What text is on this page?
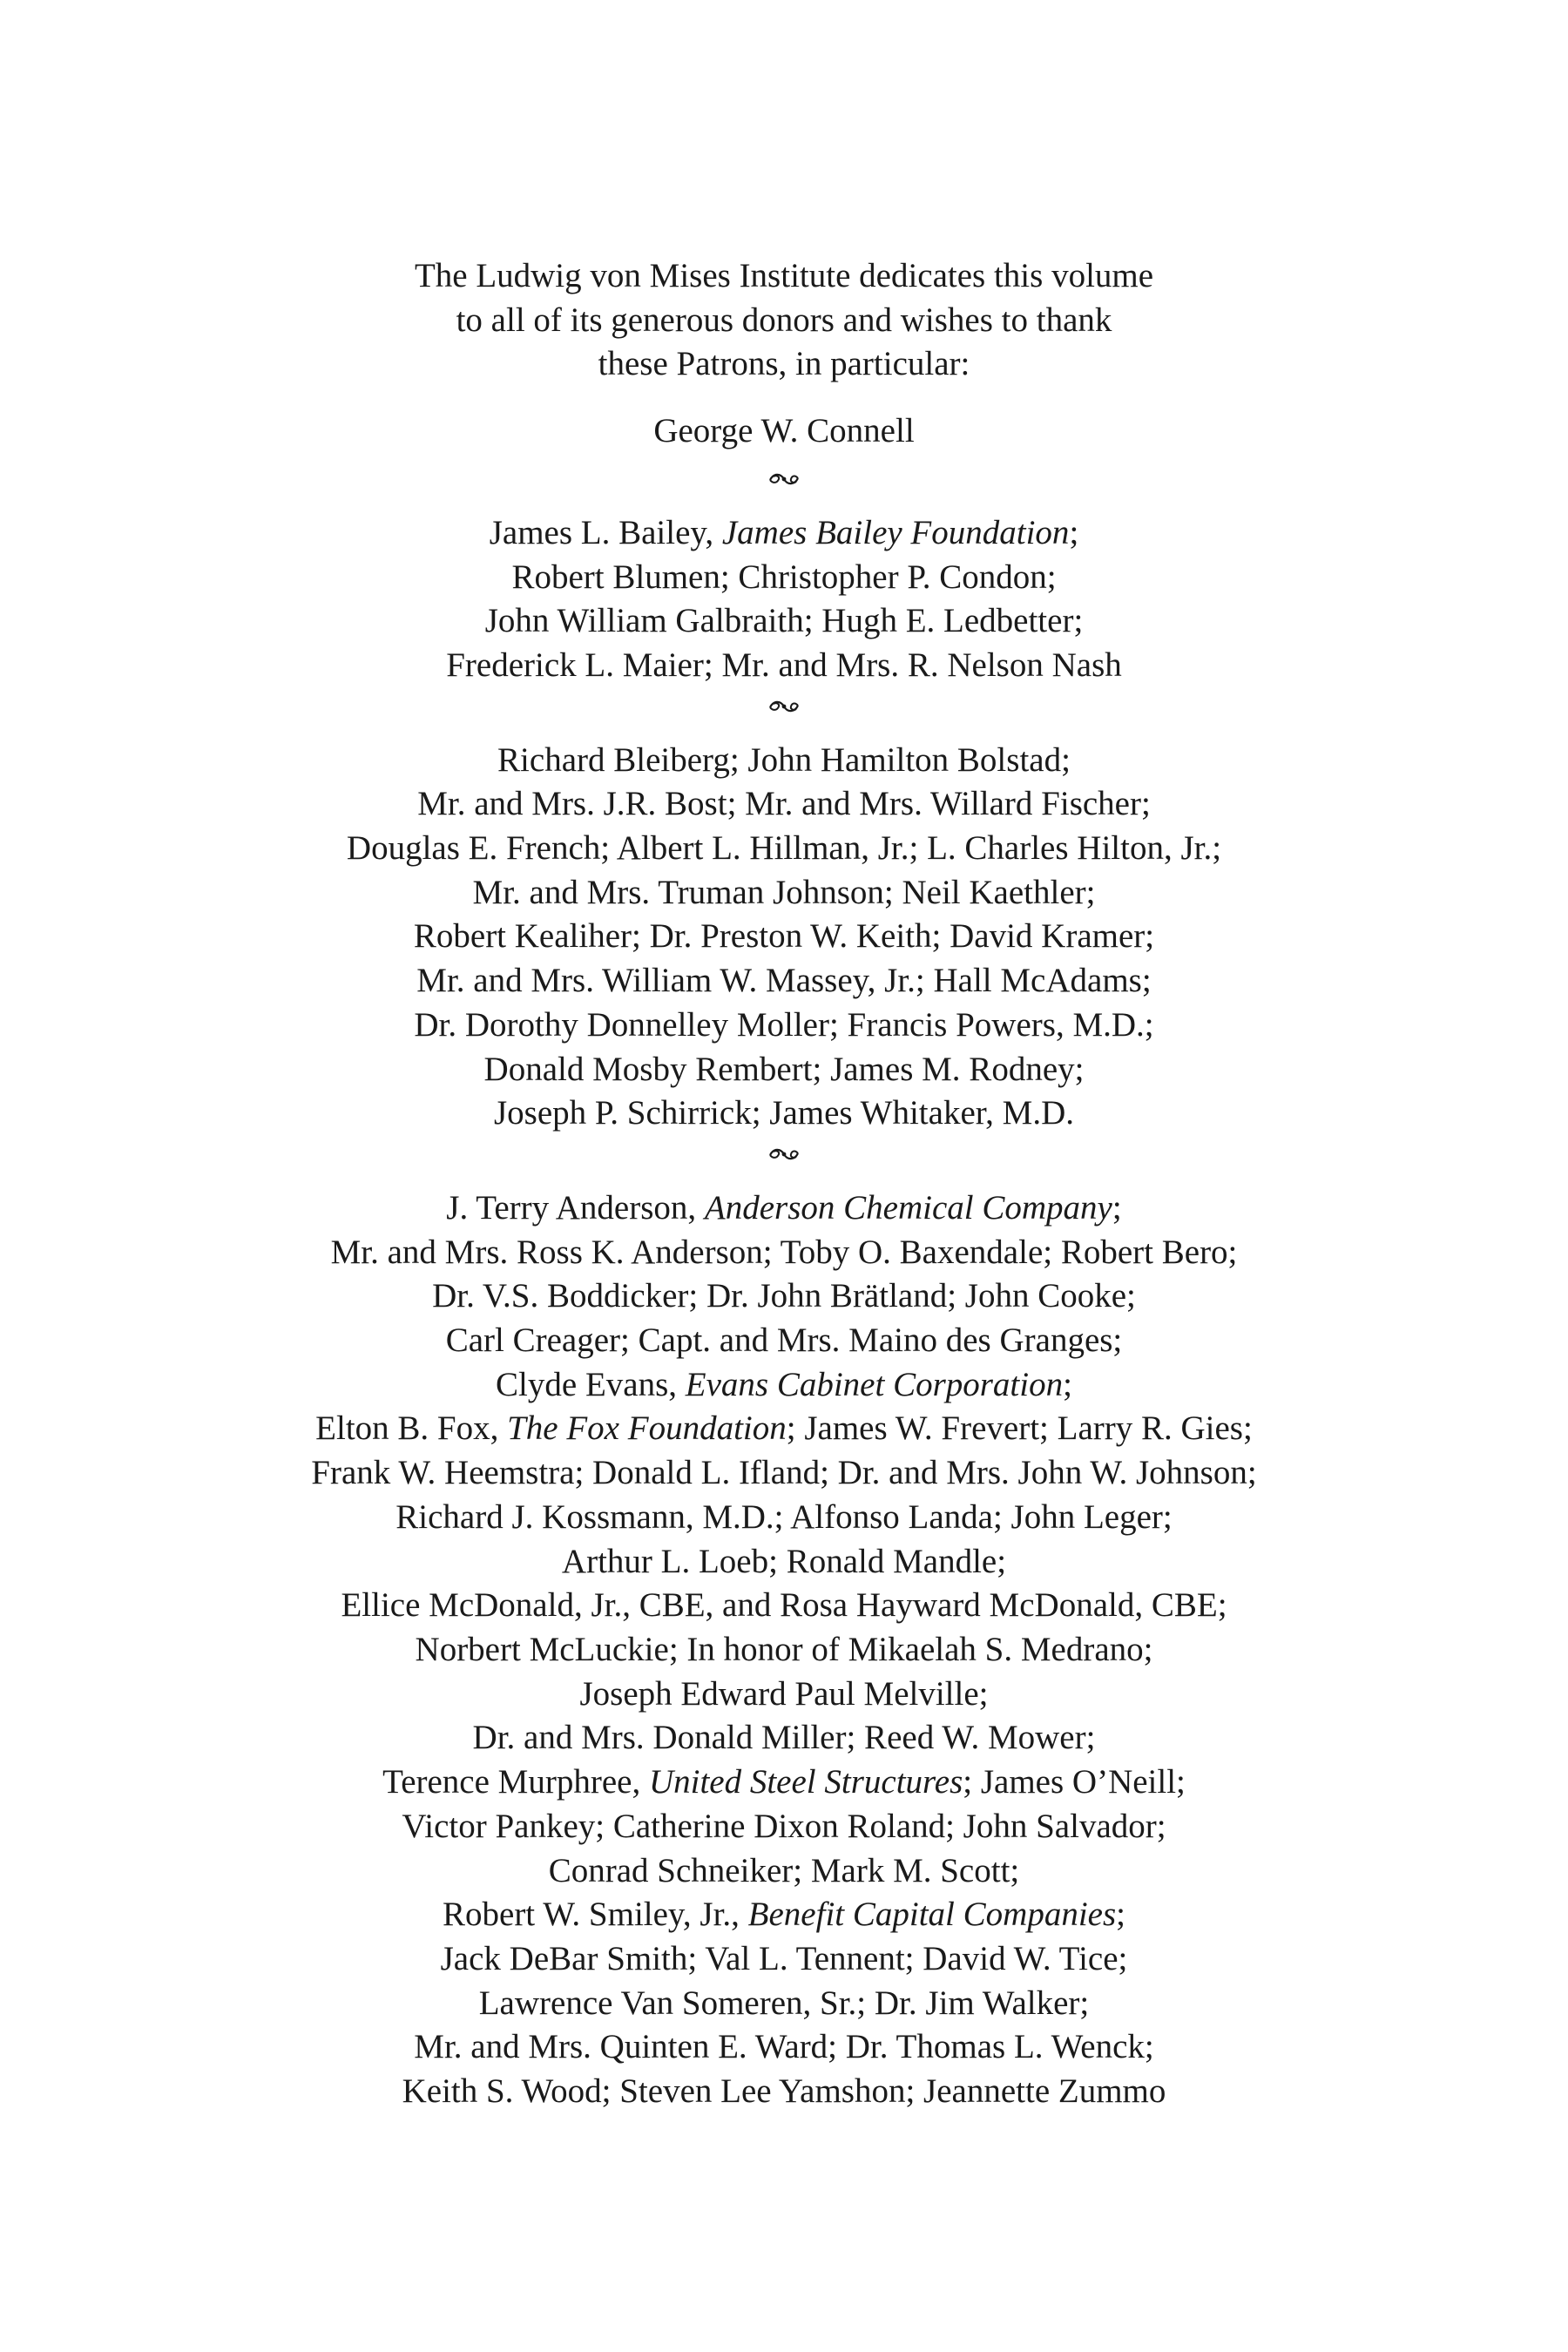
The Ludwig von Mises Institute dedicates this volume
to all of its generous donors and wishes to thank
these Patrons, in particular:
George W. Connell
James L. Bailey, James Bailey Foundation;
Robert Blumen; Christopher P. Condon;
John William Galbraith; Hugh E. Ledbetter;
Frederick L. Maier; Mr. and Mrs. R. Nelson Nash
Richard Bleiberg; John Hamilton Bolstad;
Mr. and Mrs. J.R. Bost; Mr. and Mrs. Willard Fischer;
Douglas E. French; Albert L. Hillman, Jr.; L. Charles Hilton, Jr.;
Mr. and Mrs. Truman Johnson; Neil Kaethler;
Robert Kealiher; Dr. Preston W. Keith; David Kramer;
Mr. and Mrs. William W. Massey, Jr.; Hall McAdams;
Dr. Dorothy Donnelley Moller; Francis Powers, M.D.;
Donald Mosby Rembert; James M. Rodney;
Joseph P. Schirrick; James Whitaker, M.D.
J. Terry Anderson, Anderson Chemical Company;
Mr. and Mrs. Ross K. Anderson; Toby O. Baxendale; Robert Bero;
Dr. V.S. Boddicker; Dr. John Brätland; John Cooke;
Carl Creager; Capt. and Mrs. Maino des Granges;
Clyde Evans, Evans Cabinet Corporation;
Elton B. Fox, The Fox Foundation; James W. Frevert; Larry R. Gies;
Frank W. Heemstra; Donald L. Ifland; Dr. and Mrs. John W. Johnson;
Richard J. Kossmann, M.D.; Alfonso Landa; John Leger;
Arthur L. Loeb; Ronald Mandle;
Ellice McDonald, Jr., CBE, and Rosa Hayward McDonald, CBE;
Norbert McLuckie; In honor of Mikaelah S. Medrano;
Joseph Edward Paul Melville;
Dr. and Mrs. Donald Miller; Reed W. Mower;
Terence Murphree, United Steel Structures; James O’Neill;
Victor Pankey; Catherine Dixon Roland; John Salvador;
Conrad Schneiker; Mark M. Scott;
Robert W. Smiley, Jr., Benefit Capital Companies;
Jack DeBar Smith; Val L. Tennent; David W. Tice;
Lawrence Van Someren, Sr.; Dr. Jim Walker;
Mr. and Mrs. Quinten E. Ward; Dr. Thomas L. Wenck;
Keith S. Wood; Steven Lee Yamshon; Jeannette Zummo
